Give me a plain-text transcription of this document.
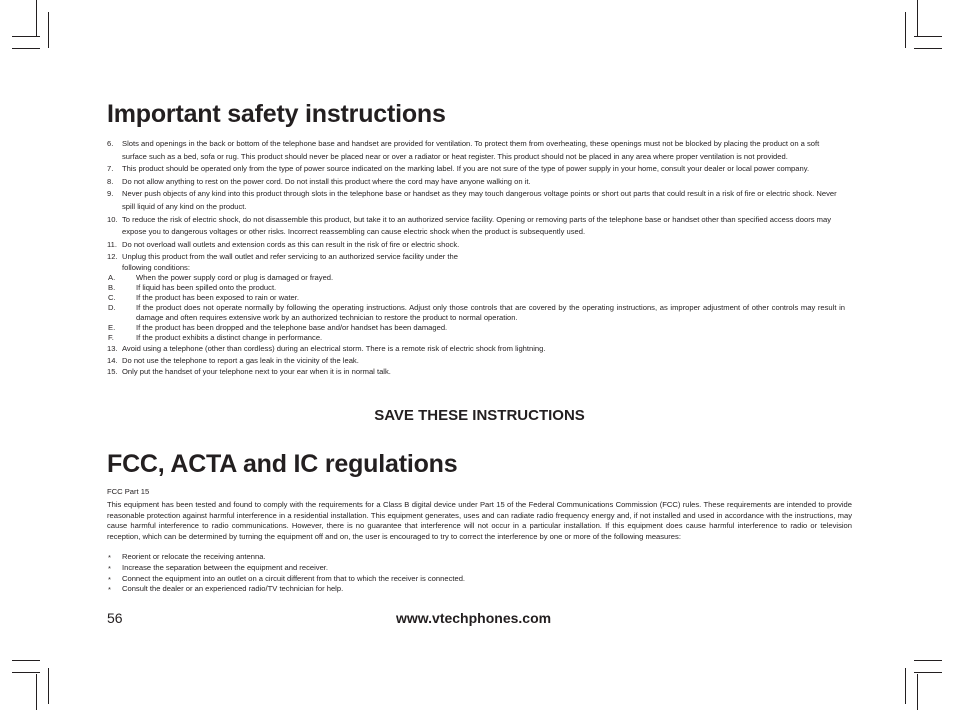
Important safety instructions
6. Slots and openings in the back or bottom of the telephone base and handset are provided for ventilation. To protect them from overheating, these openings must not be blocked by placing the product on a soft surface such as a bed, sofa or rug. This product should never be placed near or over a radiator or heat register. This product should not be placed in any area where proper ventilation is not provided.
7. This product should be operated only from the type of power source indicated on the marking label. If you are not sure of the type of power supply in your home, consult your dealer or local power company.
8. Do not allow anything to rest on the power cord. Do not install this product where the cord may have anyone walking on it.
9. Never push objects of any kind into this product through slots in the telephone base or handset as they may touch dangerous voltage points or short out parts that could result in a risk of fire or electric shock. Never spill liquid of any kind on the product.
10. To reduce the risk of electric shock, do not disassemble this product, but take it to an authorized service facility. Opening or removing parts of the telephone base or handset other than specified access doors may expose you to dangerous voltages or other risks. Incorrect reassembling can cause electric shock when the product is subsequently used.
11. Do not overload wall outlets and extension cords as this can result in the risk of fire or electric shock.
12. Unplug this product from the wall outlet and refer servicing to an authorized service facility under the
following conditions:
A.	When the power supply cord or plug is damaged or frayed.
B.	If liquid has been spilled onto the product.
C.	If the product has been exposed to rain or water.
D.	If the product does not operate normally by following the operating instructions. Adjust only those controls that are covered by the operating instructions, as improper adjustment of other controls may result in damage and often requires extensive work by an authorized technician to restore the product to normal operation.
E.	If the product has been dropped and the telephone base and/or handset has been damaged.
F.	If the product exhibits a distinct change in performance.
13. Avoid using a telephone (other than cordless) during an electrical storm. There is a remote risk of electric shock from lightning.
14. Do not use the telephone to report a gas leak in the vicinity of the leak.
15. Only put the handset of your telephone next to your ear when it is in normal talk.
SAVE THESE INSTRUCTIONS
FCC, ACTA and IC regulations
FCC Part 15
This equipment has been tested and found to comply with the requirements for a Class B digital device under Part 15 of the Federal Communications Commission (FCC) rules. These requirements are intended to provide reasonable protection against harmful interference in a residential installation. This equipment generates, uses and can radiate radio frequency energy and, if not installed and used in accordance with the instructions, may cause harmful interference to radio communications. However, there is no guarantee that interference will not occur in a particular installation. If this equipment does cause harmful interference to radio or television reception, which can be determined by turning the equipment off and on, the user is encouraged to try to correct the interference by one or more of the following measures:
* Reorient or relocate the receiving antenna.
* Increase the separation between the equipment and receiver.
* Connect the equipment into an outlet on a circuit different from that to which the receiver is connected.
* Consult the dealer or an experienced radio/TV technician for help.
56	www.vtechphones.com
